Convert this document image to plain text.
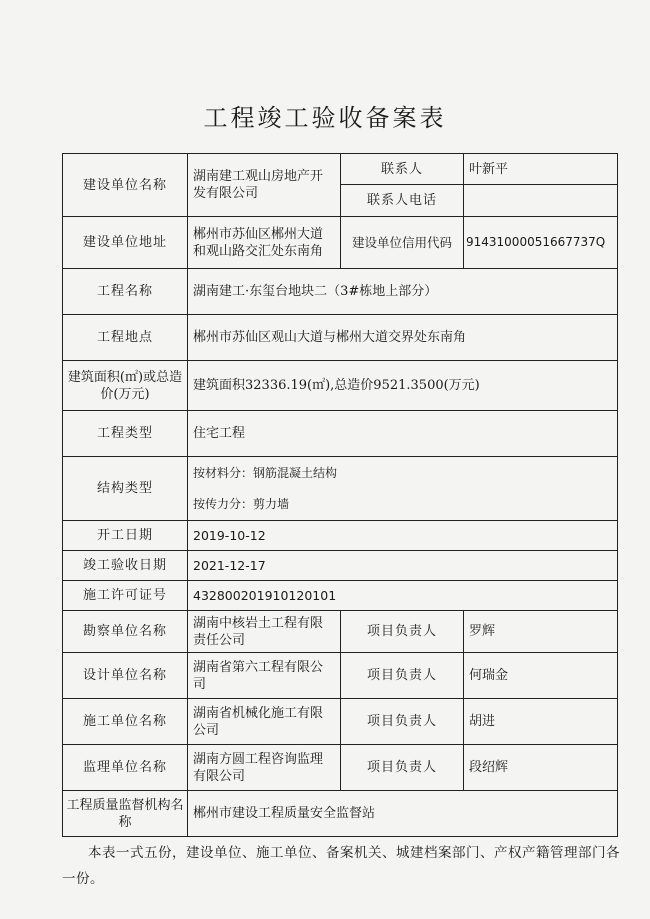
工程竣工验收备案表
建设单位名称	湖南建工观山房地产开发有限公司	联系人	叶新平
		联系人电话	
建设单位地址	郴州市苏仙区郴州大道和观山路交汇处东南角	建设单位信用代码	91431000051667737Q
工程名称	湖南建工·东玺台地块二（3#栋地上部分）		
工程地点	郴州市苏仙区观山大道与郴州大道交界处东南角		
建筑面积(㎡)或总造价(万元)	建筑面积32336.19(㎡),总造价9521.3500(万元)		
工程类型	住宅工程		
结构类型	按材料分：钢筋混凝土结构
按传力分：剪力墙		

开工日期	2019-10-12		
竣工验收日期	2021-12-17		
施工许可证号	432800201910120101		
勘察单位名称	湖南中核岩土工程有限责任公司	项目负责人	罗辉
设计单位名称	湖南省第六工程有限公司	项目负责人	何瑞金
施工单位名称	湖南省机械化施工有限公司	项目负责人	胡进
监理单位名称	湖南方圆工程咨询监理有限公司	项目负责人	段绍辉
工程质量监督机构名称	郴州市建设工程质量安全监督站		
本表一式五份，建设单位、施工单位、备案机关、城建档案部门、产权产籍管理部门各一份。
